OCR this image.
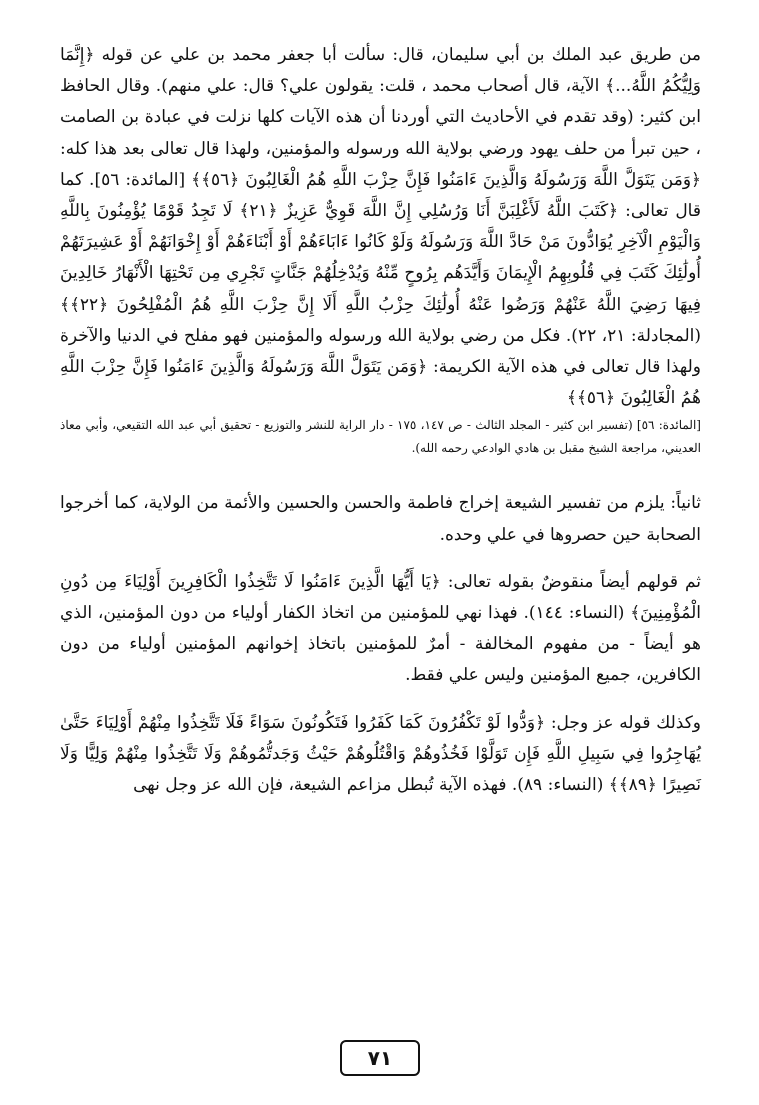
من طريق عبد الملك بن أبي سليمان، قال: سألت أبا جعفر محمد بن علي عن قوله ﴿إِنَّمَا وَلِيُّكُمُ اللَّهُ...﴾ الآية، قال أصحاب محمد ، قلت: يقولون علي؟ قال: علي منهم). وقال الحافظ ابن كثير: (وقد تقدم في الأحاديث التي أوردنا أن هذه الآيات كلها نزلت في عبادة بن الصامت ، حين تبرأ من حلف يهود ورضي بولاية الله ورسوله والمؤمنين، ولهذا قال تعالى بعد هذا كله: ﴿وَمَن يَتَوَلَّ اللَّهَ وَرَسُولَهُ وَالَّذِينَ ءَامَنُوا فَإِنَّ حِزْبَ اللَّهِ هُمُ الْغَالِبُونَ ﴿٥٦﴾﴾ [المائدة: ٥٦]. كما قال تعالى: ﴿كَتَبَ اللَّهُ لَأَغْلِبَنَّ أَنَا وَرُسُلِي إِنَّ اللَّهَ قَوِيٌّ عَزِيزٌ ﴿٢١﴾ لَا تَجِدُ قَوْمًا يُؤْمِنُونَ بِاللَّهِ وَالْيَوْمِ الْآخِرِ يُوَادُّونَ مَنْ حَادَّ اللَّهَ وَرَسُولَهُ وَلَوْ كَانُوا ءَابَاءَهُمْ أَوْ أَبْنَاءَهُمْ أَوْ إِخْوَانَهُمْ أَوْ عَشِيرَتَهُمْ أُولَٰئِكَ كَتَبَ فِي قُلُوبِهِمُ الْإِيمَانَ وَأَيَّدَهُم بِرُوحٍ مِّنْهُ وَيُدْخِلُهُمْ جَنَّاتٍ تَجْرِي مِن تَحْتِهَا الْأَنْهَارُ خَالِدِينَ فِيهَا رَضِيَ اللَّهُ عَنْهُمْ وَرَضُوا عَنْهُ أُولَٰئِكَ حِزْبُ اللَّهِ أَلَا إِنَّ حِزْبَ اللَّهِ هُمُ الْمُفْلِحُونَ ﴿٢٢﴾﴾ (المجادلة: ٢١، ٢٢). فكل من رضي بولاية الله ورسوله والمؤمنين فهو مفلح في الدنيا والآخرة ولهذا قال تعالى في هذه الآية الكريمة: ﴿وَمَن يَتَوَلَّ اللَّهَ وَرَسُولَهُ وَالَّذِينَ ءَامَنُوا فَإِنَّ حِزْبَ اللَّهِ هُمُ الْغَالِبُونَ ﴿٥٦﴾﴾

[المائدة: ٥٦] (تفسير ابن كثير - المجلد الثالث - ص ١٤٧، ١٧٥ - دار الراية للنشر والتوزيع - تحقيق أبي عبد الله التقيعي، وأبي معاذ العديني، مراجعة الشيخ مقبل بن هادي الوادعي رحمه الله).

ثانياً: يلزم من تفسير الشيعة إخراج فاطمة والحسن والحسين والأئمة من الولاية، كما أخرجوا الصحابة حين حصروها في علي وحده.

ثم قولهم أيضاً منقوضٌ بقوله تعالى: ﴿يَا أَيُّهَا الَّذِينَ ءَامَنُوا لَا تَتَّخِذُوا الْكَافِرِينَ أَوْلِيَاءَ مِن دُونِ الْمُؤْمِنِينَ﴾ (النساء: ١٤٤). فهذا نهي للمؤمنين من اتخاذ الكفار أولياء من دون المؤمنين، الذي هو أيضاً - من مفهوم المخالفة - أمرٌ للمؤمنين باتخاذ إخوانهم المؤمنين أولياء من دون الكافرين، جميع المؤمنين وليس علي فقط.

وكذلك قوله عز وجل: ﴿وَدُّوا لَوْ تَكْفُرُونَ كَمَا كَفَرُوا فَتَكُونُونَ سَوَاءً فَلَا تَتَّخِذُوا مِنْهُمْ أَوْلِيَاءَ حَتَّىٰ يُهَاجِرُوا فِي سَبِيلِ اللَّهِ فَإِن تَوَلَّوْا فَخُذُوهُمْ وَاقْتُلُوهُمْ حَيْثُ وَجَدتُّمُوهُمْ وَلَا تَتَّخِذُوا مِنْهُمْ وَلِيًّا وَلَا نَصِيرًا ﴿٨٩﴾﴾ (النساء: ٨٩). فهذه الآية تُبطل مزاعم الشيعة، فإن الله عز وجل نهى

٧١
